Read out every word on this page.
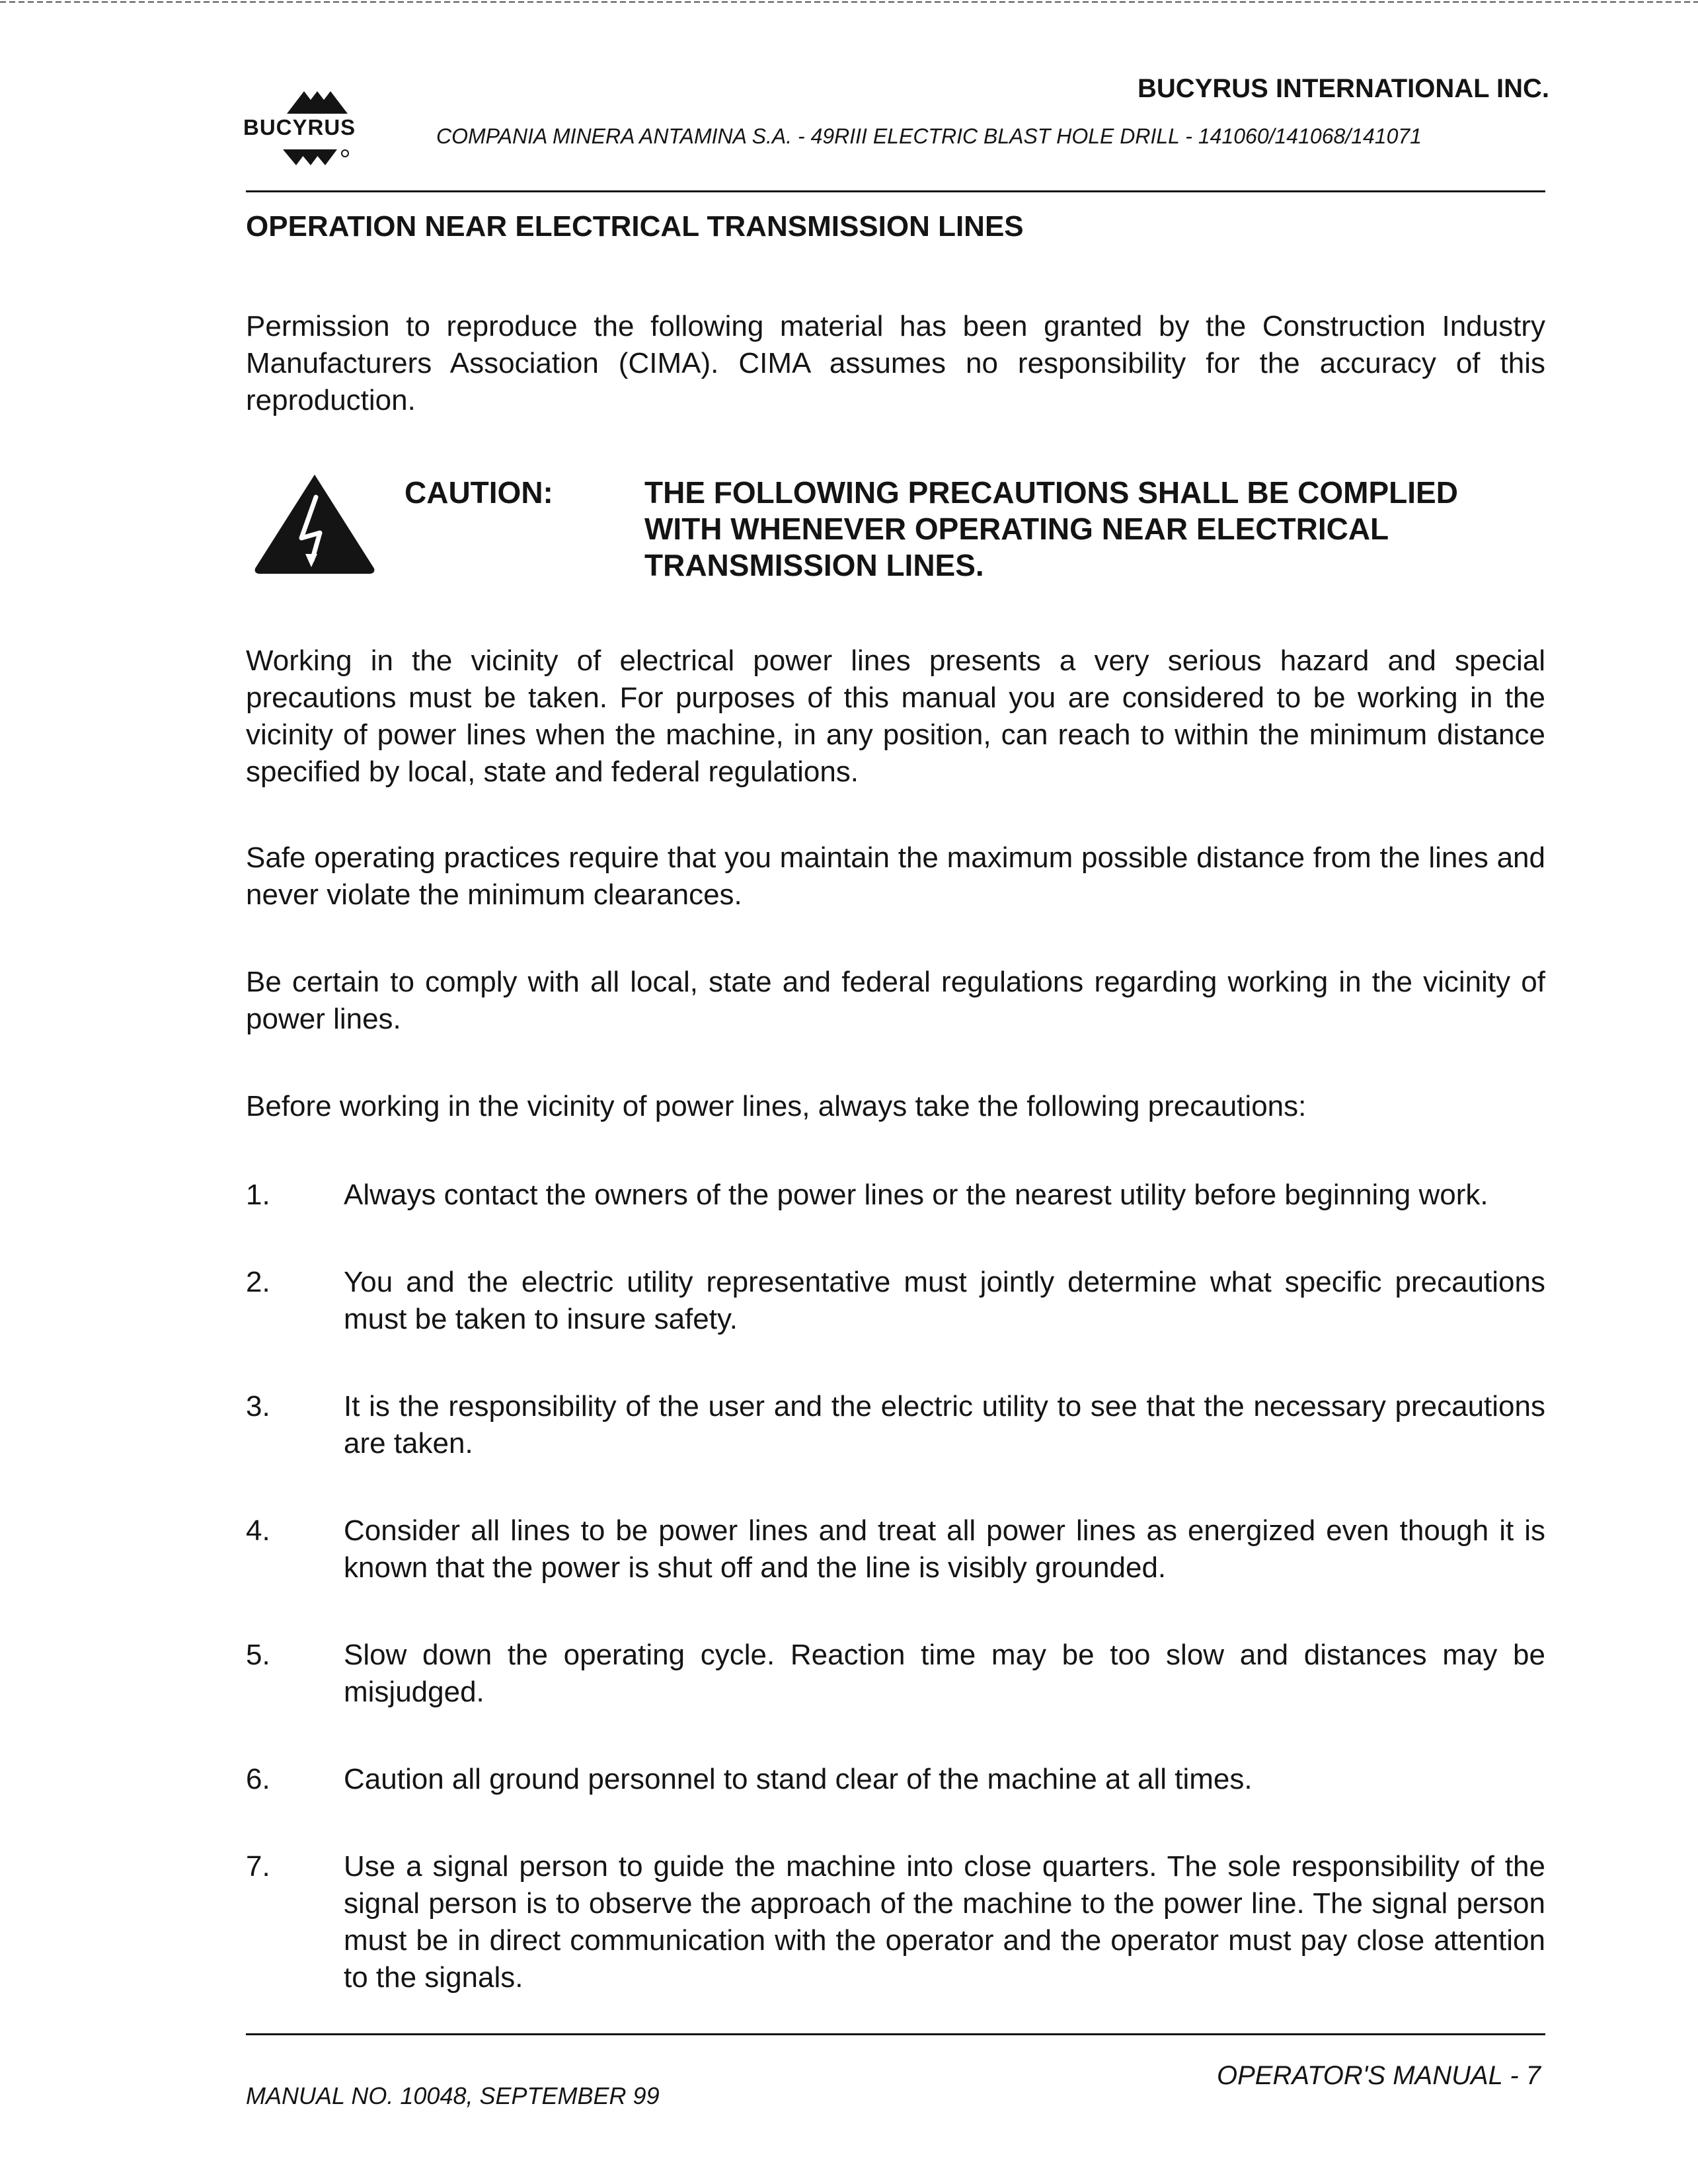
BUCYRUS INTERNATIONAL INC.
BUCYRUS	COMPANIA MINERA ANTAMINA S.A. - 49RIII ELECTRIC BLAST HOLE DRILL - 141060/141068/141071
OPERATION NEAR ELECTRICAL TRANSMISSION LINES

Permission to reproduce the following material has been granted by the Construction Industry Manufacturers Association (CIMA). CIMA assumes no responsibility for the accuracy of this reproduction.

CAUTION:	THE FOLLOWING PRECAUTIONS SHALL BE COMPLIED WITH WHENEVER OPERATING NEAR ELECTRICAL TRANSMISSION LINES.

Working in the vicinity of electrical power lines presents a very serious hazard and special precautions must be taken. For purposes of this manual you are considered to be working in the vicinity of power lines when the machine, in any position, can reach to within the minimum distance specified by local, state and federal regulations.

Safe operating practices require that you maintain the maximum possible distance from the lines and never violate the minimum clearances.

Be certain to comply with all local, state and federal regulations regarding working in the vicinity of power lines.

Before working in the vicinity of power lines, always take the following precautions:

1.	Always contact the owners of the power lines or the nearest utility before beginning work.
2.	You and the electric utility representative must jointly determine what specific precautions must be taken to insure safety.
3.	It is the responsibility of the user and the electric utility to see that the necessary precautions are taken.
4.	Consider all lines to be power lines and treat all power lines as energized even though it is known that the power is shut off and the line is visibly grounded.
5.	Slow down the operating cycle. Reaction time may be too slow and distances may be misjudged.
6.	Caution all ground personnel to stand clear of the machine at all times.
7.	Use a signal person to guide the machine into close quarters. The sole responsibility of the signal person is to observe the approach of the machine to the power line. The signal person must be in direct communication with the operator and the operator must pay close attention to the signals.
MANUAL NO. 10048, SEPTEMBER 99
OPERATOR'S MANUAL - 7
